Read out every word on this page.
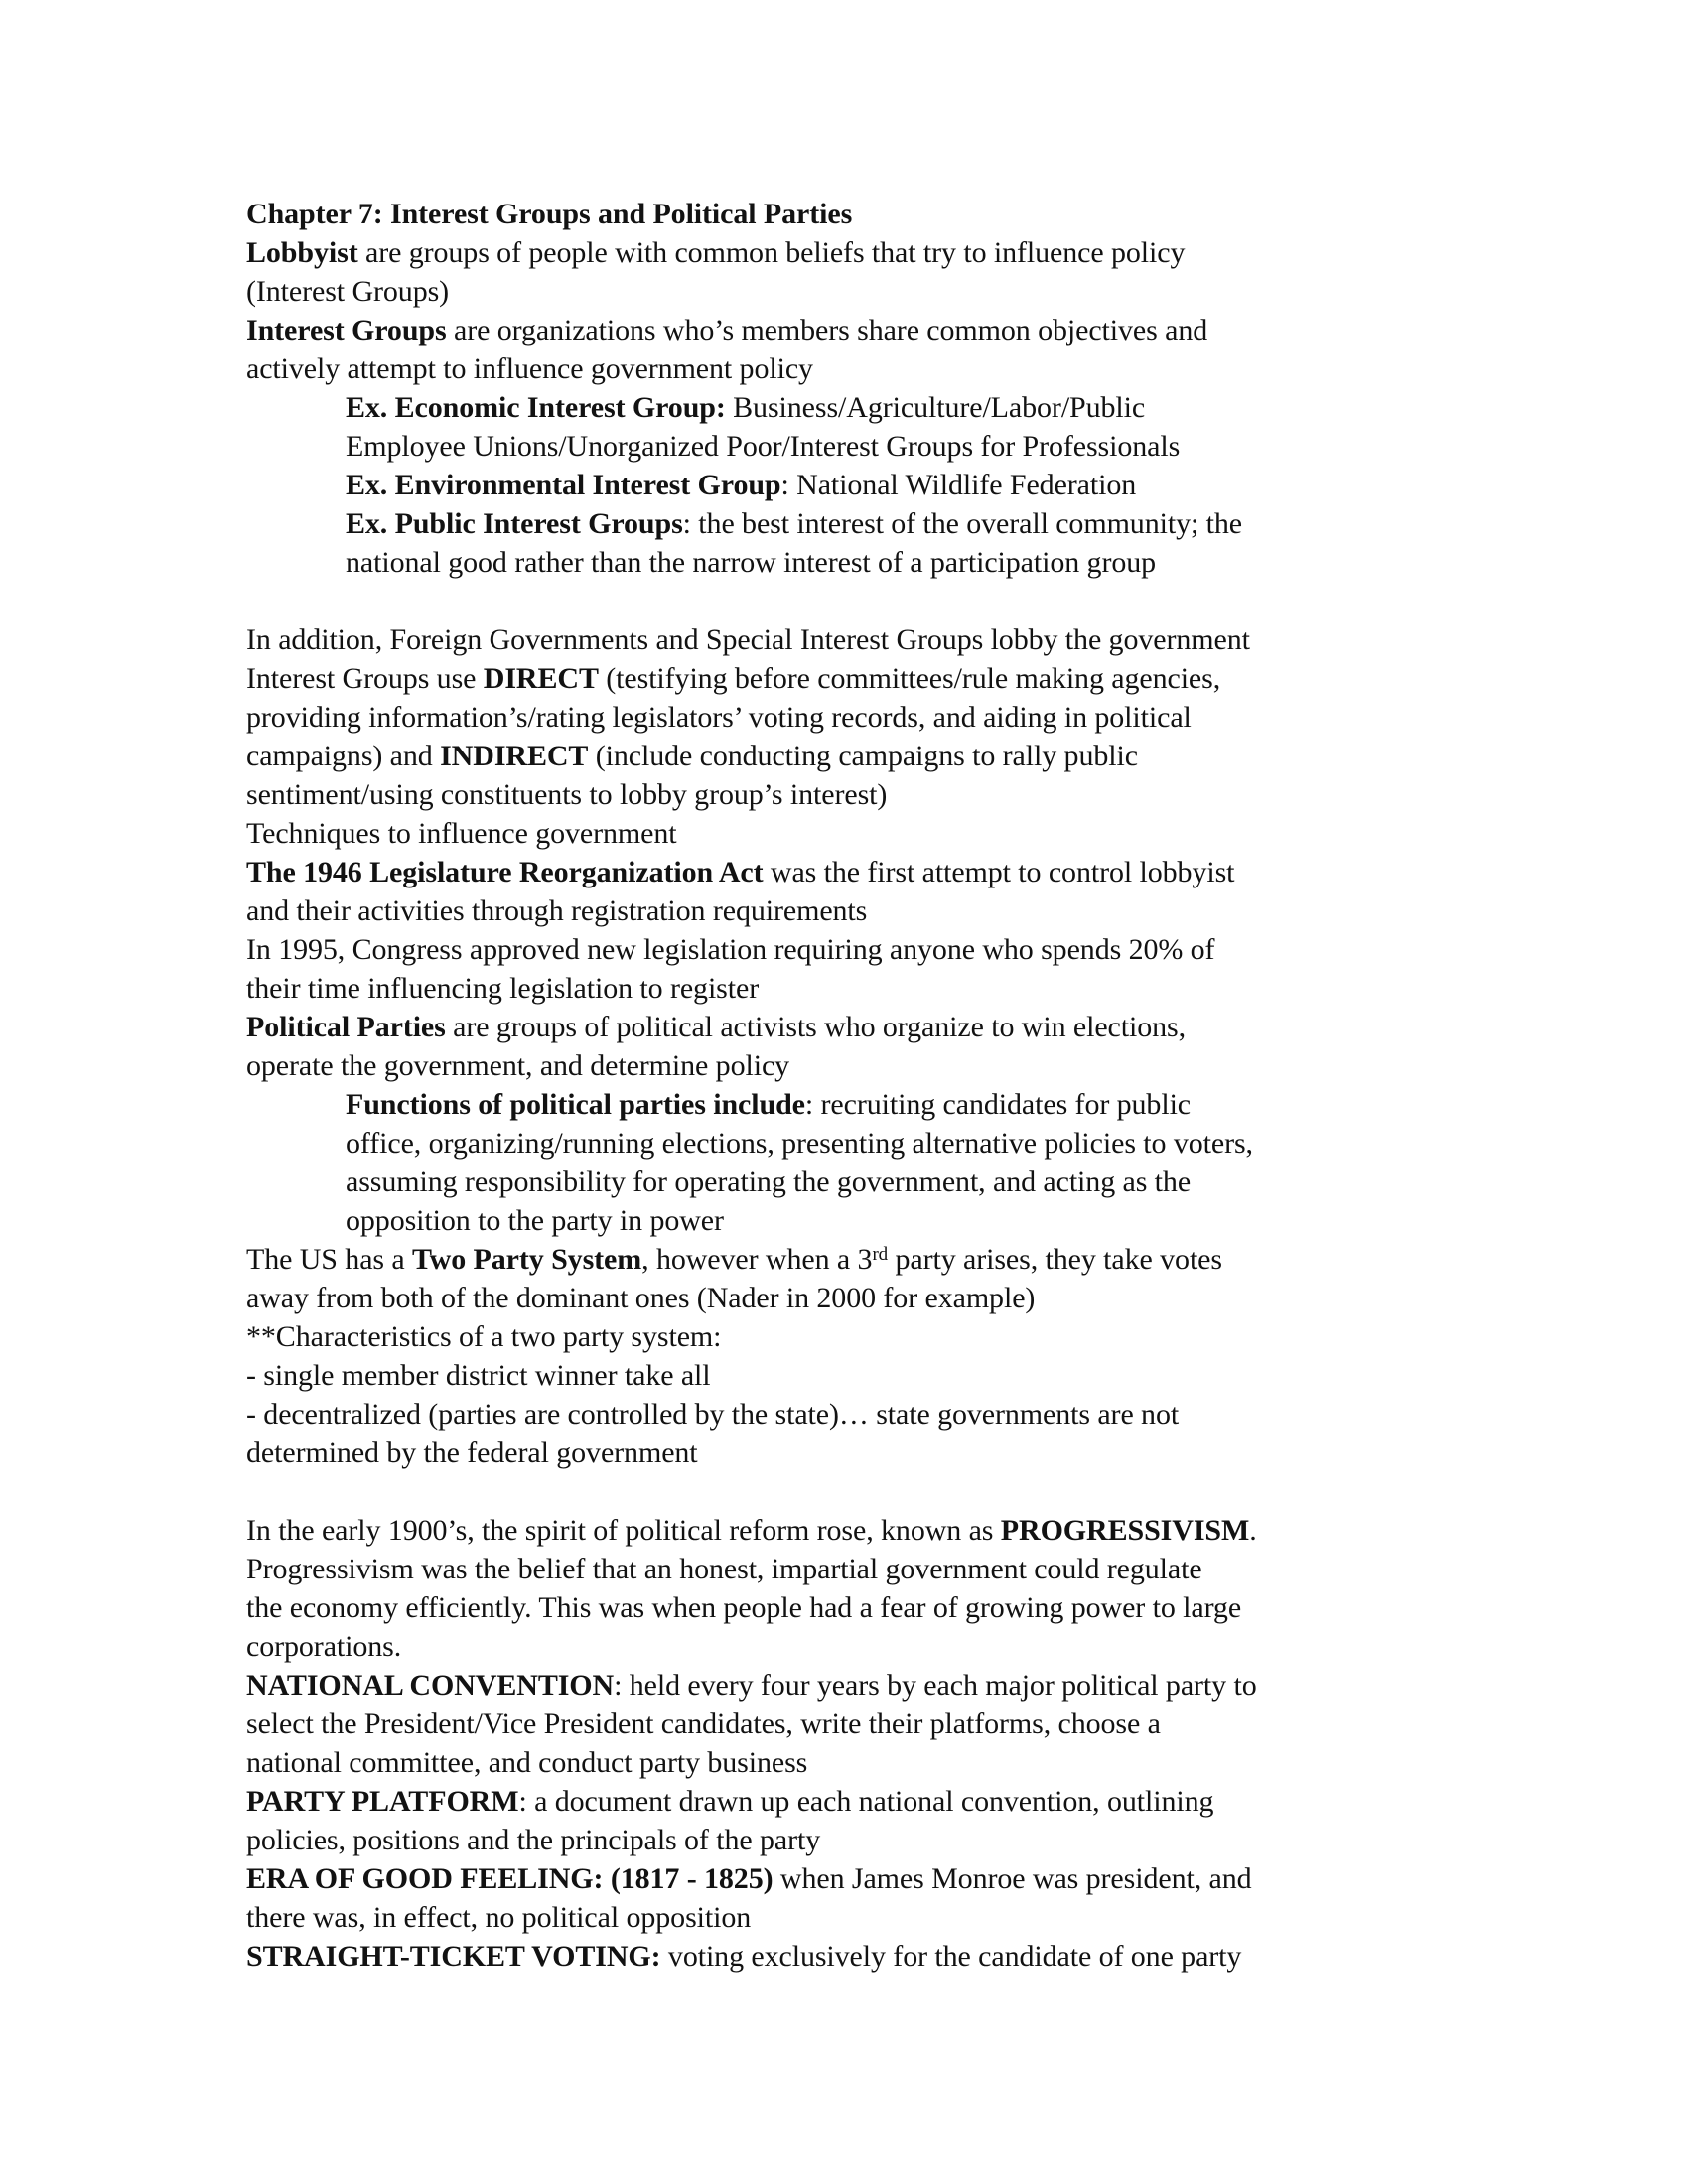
Chapter 7: Interest Groups and Political Parties
Lobbyist are groups of people with common beliefs that try to influence policy
(Interest Groups)
Interest Groups are organizations who’s members share common objectives and
actively attempt to influence government policy
Ex. Economic Interest Group: Business/Agriculture/Labor/Public
Employee Unions/Unorganized Poor/Interest Groups for Professionals
Ex. Environmental Interest Group: National Wildlife Federation
Ex. Public Interest Groups: the best interest of the overall community; the
national good rather than the narrow interest of a participation group

In addition, Foreign Governments and Special Interest Groups lobby the government
Interest Groups use DIRECT (testifying before committees/rule making agencies,
providing information’s/rating legislators’ voting records, and aiding in political
campaigns) and INDIRECT (include conducting campaigns to rally public
sentiment/using constituents to lobby group’s interest)
Techniques to influence government
The 1946 Legislature Reorganization Act was the first attempt to control lobbyist
and their activities through registration requirements
In 1995, Congress approved new legislation requiring anyone who spends 20% of
their time influencing legislation to register
Political Parties are groups of political activists who organize to win elections,
operate the government, and determine policy
Functions of political parties include: recruiting candidates for public
office, organizing/running elections, presenting alternative policies to voters,
assuming responsibility for operating the government, and acting as the
opposition to the party in power
The US has a Two Party System, however when a 3rd party arises, they take votes
away from both of the dominant ones (Nader in 2000 for example)
**Characteristics of a two party system:
- single member district winner take all
- decentralized (parties are controlled by the state)… state governments are not
determined by the federal government

In the early 1900’s, the spirit of political reform rose, known as PROGRESSIVISM.
Progressivism was the belief that an honest, impartial government could regulate
the economy efficiently. This was when people had a fear of growing power to large
corporations.
NATIONAL CONVENTION: held every four years by each major political party to
select the President/Vice President candidates, write their platforms, choose a
national committee, and conduct party business
PARTY PLATFORM: a document drawn up each national convention, outlining
policies, positions and the principals of the party
ERA OF GOOD FEELING: (1817 - 1825) when James Monroe was president, and
there was, in effect, no political opposition
STRAIGHT-TICKET VOTING: voting exclusively for the candidate of one party
